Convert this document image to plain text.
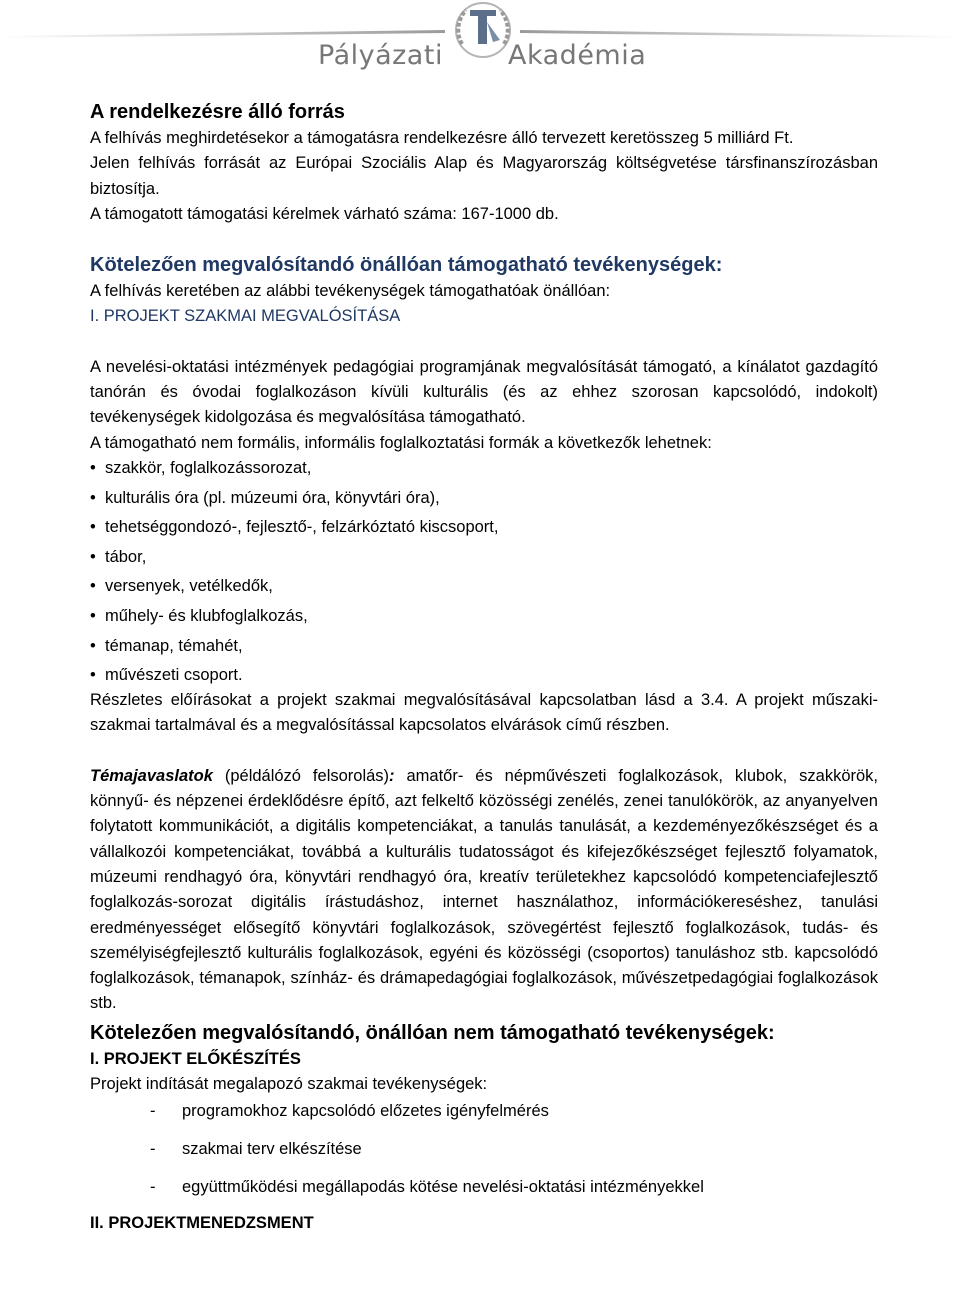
Pályázati Akadémia

A rendelkezésre álló forrás

A felhívás meghirdetésekor a támogatásra rendelkezésre álló tervezett keretösszeg 5 milliárd Ft.

Jelen felhívás forrását az Európai Szociális Alap és Magyarország költségvetése társfinanszírozásban biztosítja.

A támogatott támogatási kérelmek várható száma: 167-1000 db.

Kötelezően megvalósítandó önállóan támogatható tevékenységek:

A felhívás keretében az alábbi tevékenységek támogathatóak önállóan:

I. PROJEKT SZAKMAI MEGVALÓSÍTÁSA

A nevelési-oktatási intézmények pedagógiai programjának megvalósítását támogató, a kínálatot gazdagító tanórán és óvodai foglalkozáson kívüli kulturális (és az ehhez szorosan kapcsolódó, indokolt) tevékenységek kidolgozása és megvalósítása támogatható.

A támogatható nem formális, informális foglalkoztatási formák a következők lehetnek:

• szakkör, foglalkozássorozat,
• kulturális óra (pl. múzeumi óra, könyvtári óra),
• tehetséggondozó-, fejlesztő-, felzárkóztató kiscsoport,
• tábor,
• versenyek, vetélkedők,
• műhely- és klubfoglalkozás,
• témanap, témahét,
• művészeti csoport.

Részletes előírásokat a projekt szakmai megvalósításával kapcsolatban lásd a 3.4. A projekt műszaki-szakmai tartalmával és a megvalósítással kapcsolatos elvárások című részben.

Témajavaslatok (példálózó felsorolás): amatőr- és népművészeti foglalkozások, klubok, szakkörök, könnyű- és népzenei érdeklődésre építő, azt felkeltő közösségi zenélés, zenei tanulókörök, az anyanyelven folytatott kommunikációt, a digitális kompetenciákat, a tanulás tanulását, a kezdeményezőkészséget és a vállalkozói kompetenciákat, továbbá a kulturális tudatosságot és kifejezőkészséget fejlesztő folyamatok, múzeumi rendhagyó óra, könyvtári rendhagyó óra, kreatív területekhez kapcsolódó kompetenciafejlesztő foglalkozás-sorozat digitális írástudáshoz, internet használathoz, információkereséshez, tanulási eredményességet elősegítő könyvtári foglalkozások, szövegértést fejlesztő foglalkozások, tudás- és személyiségfejlesztő kulturális foglalkozások, egyéni és közösségi (csoportos) tanuláshoz stb. kapcsolódó foglalkozások, témanapok, színház- és drámapedagógiai foglalkozások, művészetpedagógiai foglalkozások stb.

Kötelezően megvalósítandó, önállóan nem támogatható tevékenységek:

I. PROJEKT ELŐKÉSZÍTÉS

Projekt indítását megalapozó szakmai tevékenységek:

- programokhoz kapcsolódó előzetes igényfelmérés
- szakmai terv elkészítése
- együttműködési megállapodás kötése nevelési-oktatási intézményekkel

II. PROJEKTMENEDZSMENT
